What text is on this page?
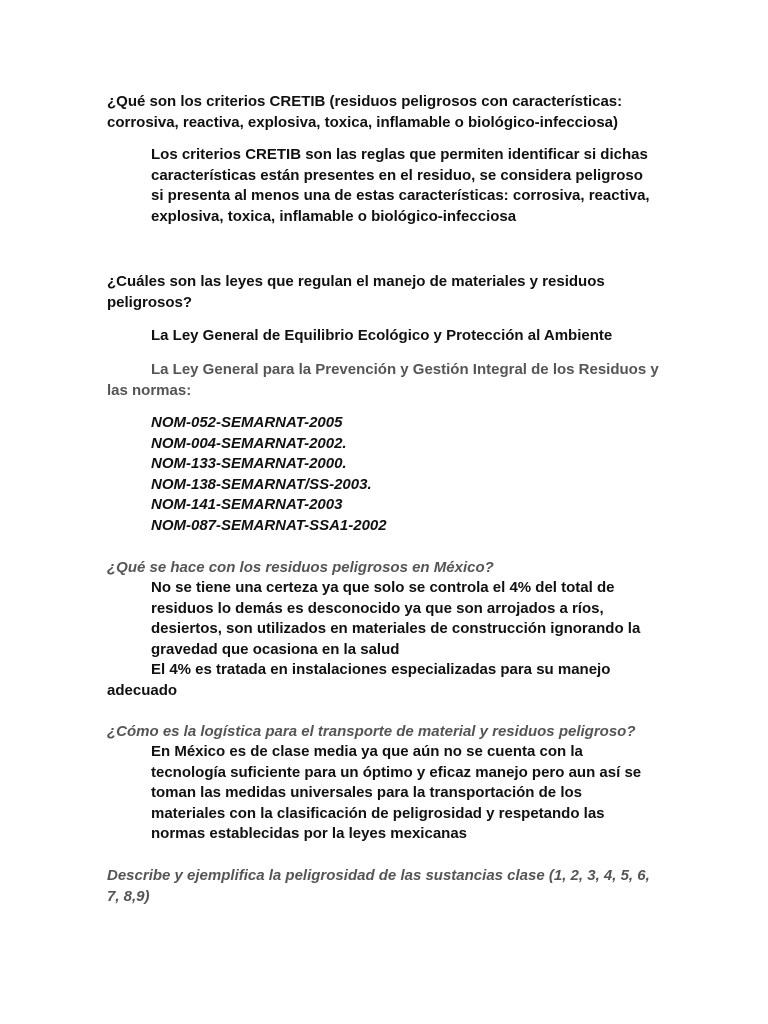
¿Qué son los criterios CRETIB (residuos peligrosos con características:
corrosiva, reactiva, explosiva, toxica, inflamable o biológico-infecciosa)
Los criterios CRETIB son las reglas que permiten identificar si dichas
características están presentes en el residuo, se considera peligroso
si presenta al menos una de estas características: corrosiva, reactiva,
explosiva, toxica, inflamable o biológico-infecciosa
¿Cuáles son las leyes que regulan el manejo de materiales y residuos
peligrosos?
La Ley General de Equilibrio Ecológico y Protección al Ambiente
La Ley General para la Prevención y Gestión Integral de los Residuos y
las normas:
NOM-052-SEMARNAT-2005
NOM-004-SEMARNAT-2002.
NOM-133-SEMARNAT-2000.
NOM-138-SEMARNAT/SS-2003.
NOM-141-SEMARNAT-2003
NOM-087-SEMARNAT-SSA1-2002
¿Qué se hace con los residuos peligrosos en México?
No se tiene una certeza ya que solo se controla el 4% del total de
residuos lo demás es desconocido ya que son arrojados a ríos,
desiertos, son utilizados en materiales de construcción ignorando la
gravedad que ocasiona en la salud
El 4% es tratada en instalaciones especializadas para su manejo
adecuado
¿Cómo es la logística para el transporte de material y residuos peligroso?
En México es de clase media ya que aún no se cuenta con la
tecnología suficiente para un óptimo y eficaz manejo pero aun así se
toman las medidas universales para la transportación de los
materiales con la clasificación de peligrosidad y respetando las
normas establecidas por la leyes mexicanas
Describe y ejemplifica la peligrosidad de las sustancias clase (1, 2, 3, 4, 5, 6,
7, 8,9)
